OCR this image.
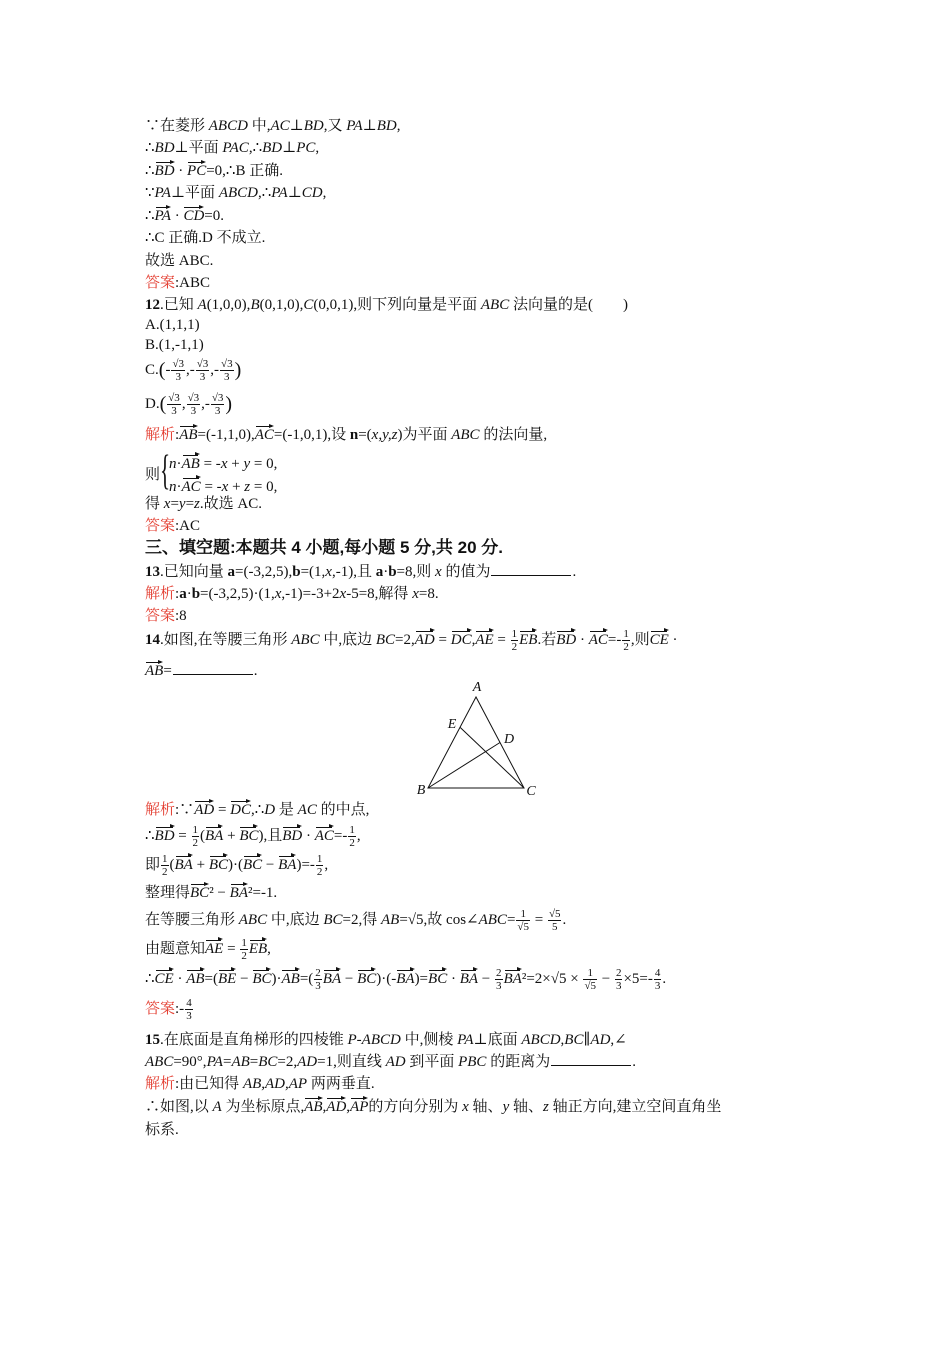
A
E
D
B	C
∵在菱形 ABCD 中,AC⊥BD,又 PA⊥BD,
∴BD⊥平面 PAC,∴BD⊥PC,
∴BD · PC=0,∴B 正确.
∵PA⊥平面 ABCD,∴PA⊥CD,
∴PA · CD=0.
∴C 正确.D 不成立.
故选 ABC.
答案:ABC
12.已知 A(1,0,0),B(0,1,0),C(0,0,1),则下列向量是平面 ABC 法向量的是(　　)
A.(1,1,1)
B.(1,-1,1)
$C.(- \frac{√3}{3}$ ,- $\frac{√3}{3}$ ,- $\frac{√3}{3}$ )
$D.( \frac{√3}{3}$ , $\frac{√3}{3}$ ,- $\frac{√3}{3}$ )
解析:AB=(-1,1,0),AC=(-1,0,1),设 n=(x,y,z)为平面 ABC 的法向量,
则
{
n·AB = -x + y = 0,
n·AC = -x + z = 0,
得 x=y=z.故选 AC.
答案:AC
三、填空题:本题共 4 小题,每小题 5 分,共 20 分.
13.已知向量 a=(-3,2,5),b=(1,x,-1),且 a·b=8,则 x 的值为	.
解析:a·b=(-3,2,5)·(1,x,-1)=-3+2x-5=8,解得 x=8.
答案:8
14.如图,在等腰三角形 ABC 中,底边 $BC=2,AD = DC,AE = \frac{1}{2}$ EB.若BD · $AC=- \frac{1}{2}$ ,则CE ·
AB=	.
解析:∵AD = DC,∴D 是 AC 的中点,
∴BD = $\frac{1}{2} (BA + BC)$,且BD · $AC=- \frac{1}{2}$ ,
即 $\frac{1}{2} (BA + BC)\cdot(BC - BA)=- \frac{1}{2}$ ,
整理得BC² − BA²=-1.
在等腰三角形 ABC 中,底边 BC=2,得 AB=√5,故 cos∠ABC= $\frac{1}{√5} = \frac{√5}{5}$ .
由题意知AE = $\frac{1}{2}$ EB,
∴CE · $AB=(BE - BC)\cdot AB=( \frac{2}{3}$ BA − BC)·(-BA)=BC · BA − $\frac{2}{3} BA^2=2\times√5 \times \frac{1}{√5} - \frac{2}{3} \times 5=- \frac{4}{3}$ .
答案:- $\frac{4}{3}$
15.在底面是直角梯形的四棱锥 P-ABCD 中,侧棱 PA⊥底面 ABCD,BC∥AD,∠
ABC=90°,PA=AB=BC=2,AD=1,则直线 AD 到平面 PBC 的距离为	.
解析:由已知得 AB,AD,AP 两两垂直.
∴如图,以 A 为坐标原点,AB,AD,AP的方向分别为 x 轴、y 轴、z 轴正方向,建立空间直角坐
标系.
